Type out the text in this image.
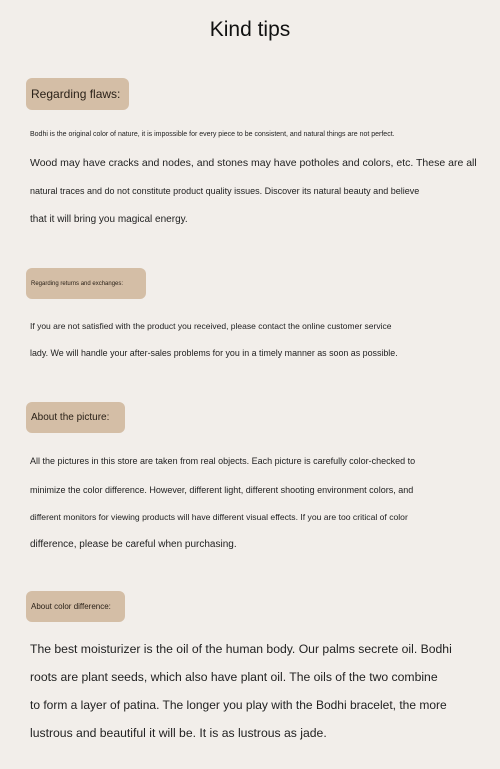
Kind tips
Regarding flaws:
Bodhi is the original color of nature, it is impossible for every piece to be consistent, and natural things are not perfect.
Wood may have cracks and nodes, and stones may have potholes and colors, etc. These are all
natural traces and do not constitute product quality issues. Discover its natural beauty and believe
that it will bring you magical energy.
Regarding returns and exchanges:
If you are not satisfied with the product you received, please contact the online customer service
lady. We will handle your after-sales problems for you in a timely manner as soon as possible.
About the picture:
All the pictures in this store are taken from real objects. Each picture is carefully color-checked to
minimize the color difference. However, different light, different shooting environment colors, and
different monitors for viewing products will have different visual effects. If you are too critical of color
difference, please be careful when purchasing.
About color difference:
The best moisturizer is the oil of the human body. Our palms secrete oil. Bodhi
roots are plant seeds, which also have plant oil. The oils of the two combine
to form a layer of patina. The longer you play with the Bodhi bracelet, the more
lustrous and beautiful it will be. It is as lustrous as jade.
